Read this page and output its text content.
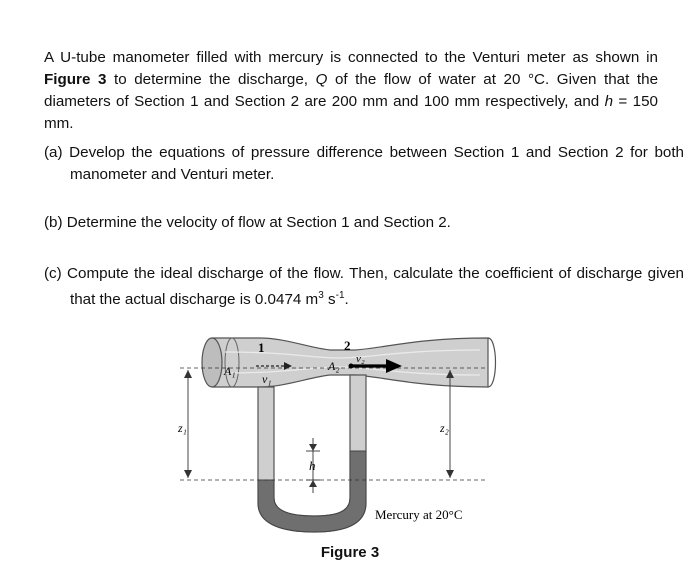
A U-tube manometer filled with mercury is connected to the Venturi meter as shown in Figure 3 to determine the discharge, Q of the flow of water at 20 °C. Given that the diameters of Section 1 and Section 2 are 200 mm and 100 mm respectively, and h = 150 mm.

(a) Develop the equations of pressure difference between Section 1 and Section 2 for both manometer and Venturi meter.
(b) Determine the velocity of flow at Section 1 and Section 2.
(c) Compute the ideal discharge of the flow. Then, calculate the coefficient of discharge given that the actual discharge is 0.0474 $m^3$ $s^{-1}$.
1	2
A₁	A₂
v₁
v₂
z₁	z₂
h
Mercury at 20°C
Figure 3
